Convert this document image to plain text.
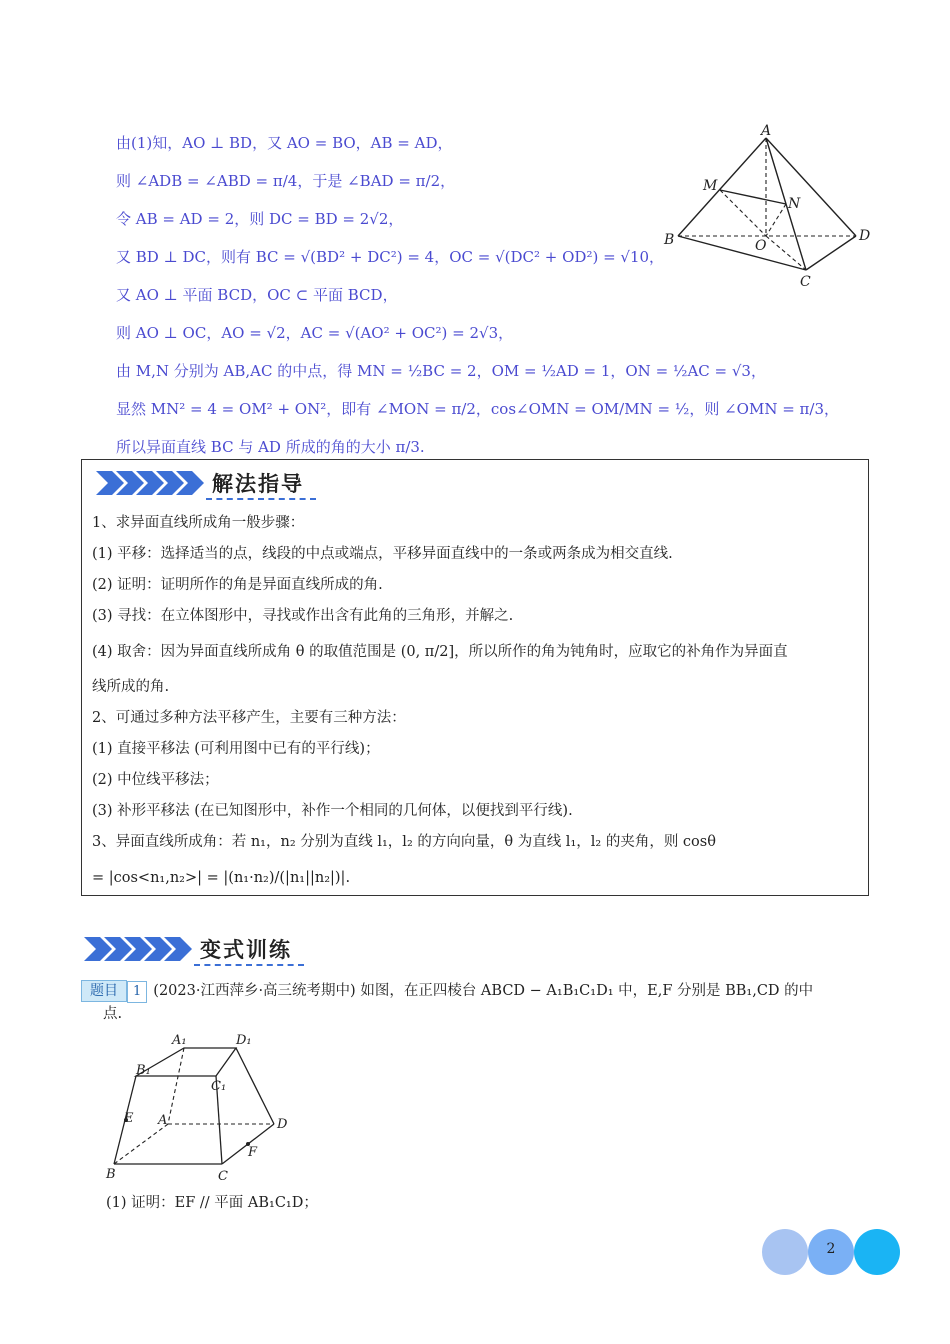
由(1)知，AO ⊥ BD，又 AO = BO，AB = AD，
则 ∠ADB = ∠ABD = π/4，于是 ∠BAD = π/2，
令 AB = AD = 2，则 DC = BD = 2√2，
又 BD ⊥ DC，则有 BC = √(BD² + DC²) = 4，OC = √(DC² + OD²) = √10，
又 AO ⊥ 平面 BCD，OC ⊂ 平面 BCD，
则 AO ⊥ OC，AO = √2，AC = √(AO² + OC²) = 2√3，
由 M,N 分别为 AB,AC 的中点，得 MN = ½BC = 2，OM = ½AD = 1，ON = ½AC = √3，
显然 MN² = 4 = OM² + ON²，即有 ∠MON = π/2，cos∠OMN = OM/MN = ½，则 ∠OMN = π/3，
所以异面直线 BC 与 AD 所成的角的大小 π/3.
A
M
N
B	O
D
C
解法指导
1、求异面直线所成角一般步骤：
(1) 平移：选择适当的点，线段的中点或端点，平移异面直线中的一条或两条成为相交直线.
(2) 证明：证明所作的角是异面直线所成的角.
(3) 寻找：在立体图形中，寻找或作出含有此角的三角形，并解之.
(4) 取舍：因为异面直线所成角 θ 的取值范围是 (0, π/2]，所以所作的角为钝角时，应取它的补角作为异面直
线所成的角.
2、可通过多种方法平移产生，主要有三种方法：
(1) 直接平移法 (可利用图中已有的平行线)；
(2) 中位线平移法；
(3) 补形平移法 (在已知图形中，补作一个相同的几何体，以便找到平行线).
3、异面直线所成角：若 n₁，n₂ 分别为直线 l₁，l₂ 的方向向量，θ 为直线 l₁，l₂ 的夹角，则 cosθ
= |cos<n₁,n₂>| = |(n₁·n₂)/(|n₁||n₂|)|.
变式训练
题目 1 (2023·江西萍乡·高三统考期中) 如图，在正四棱台 ABCD − A₁B₁C₁D₁ 中，E,F 分别是 BB₁,CD 的中
点.
A₁	D₁
B₁
C₁
E A	D
F
B	C
(1) 证明：EF // 平面 AB₁C₁D；
2
